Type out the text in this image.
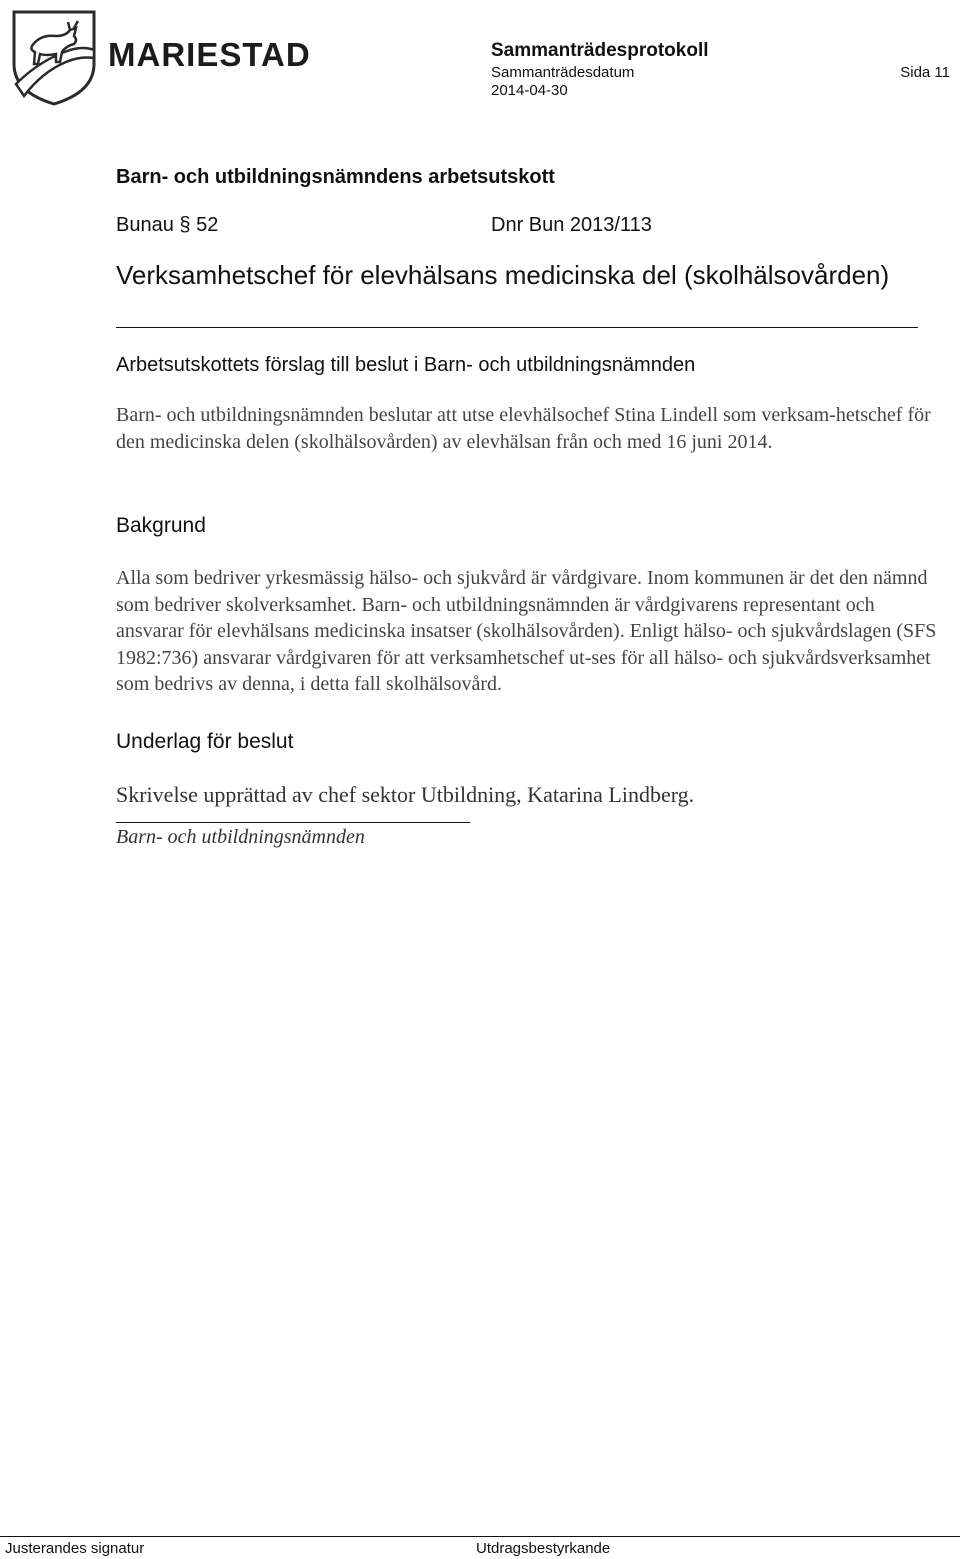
MARIESTAD	Sammanträdesprotokoll
Sammanträdesdatum
2014-04-30
Sida 11
Barn- och utbildningsnämndens arbetsutskott
Bunau § 52	Dnr Bun 2013/113
Verksamhetschef för elevhälsans medicinska del (skolhälsovården)
Arbetsutskottets förslag till beslut i Barn- och utbildningsnämnden
Barn- och utbildningsnämnden beslutar att utse elevhälsochef Stina Lindell som verksam-hetschef för den medicinska delen (skolhälsovården) av elevhälsan från och med 16 juni 2014.
Bakgrund
Alla som bedriver yrkesmässig hälso- och sjukvård är vårdgivare. Inom kommunen är det den nämnd som bedriver skolverksamhet. Barn- och utbildningsnämnden är vårdgivarens representant och ansvarar för elevhälsans medicinska insatser (skolhälsovården). Enligt hälso- och sjukvårdslagen (SFS 1982:736) ansvarar vårdgivaren för att verksamhetschef ut-ses för all hälso- och sjukvårdsverksamhet som bedrivs av denna, i detta fall skolhälsovård.
Underlag för beslut
Skrivelse upprättad av chef sektor Utbildning, Katarina Lindberg.
Barn- och utbildningsnämnden
Justerandes signatur	Utdragsbestyrkande
